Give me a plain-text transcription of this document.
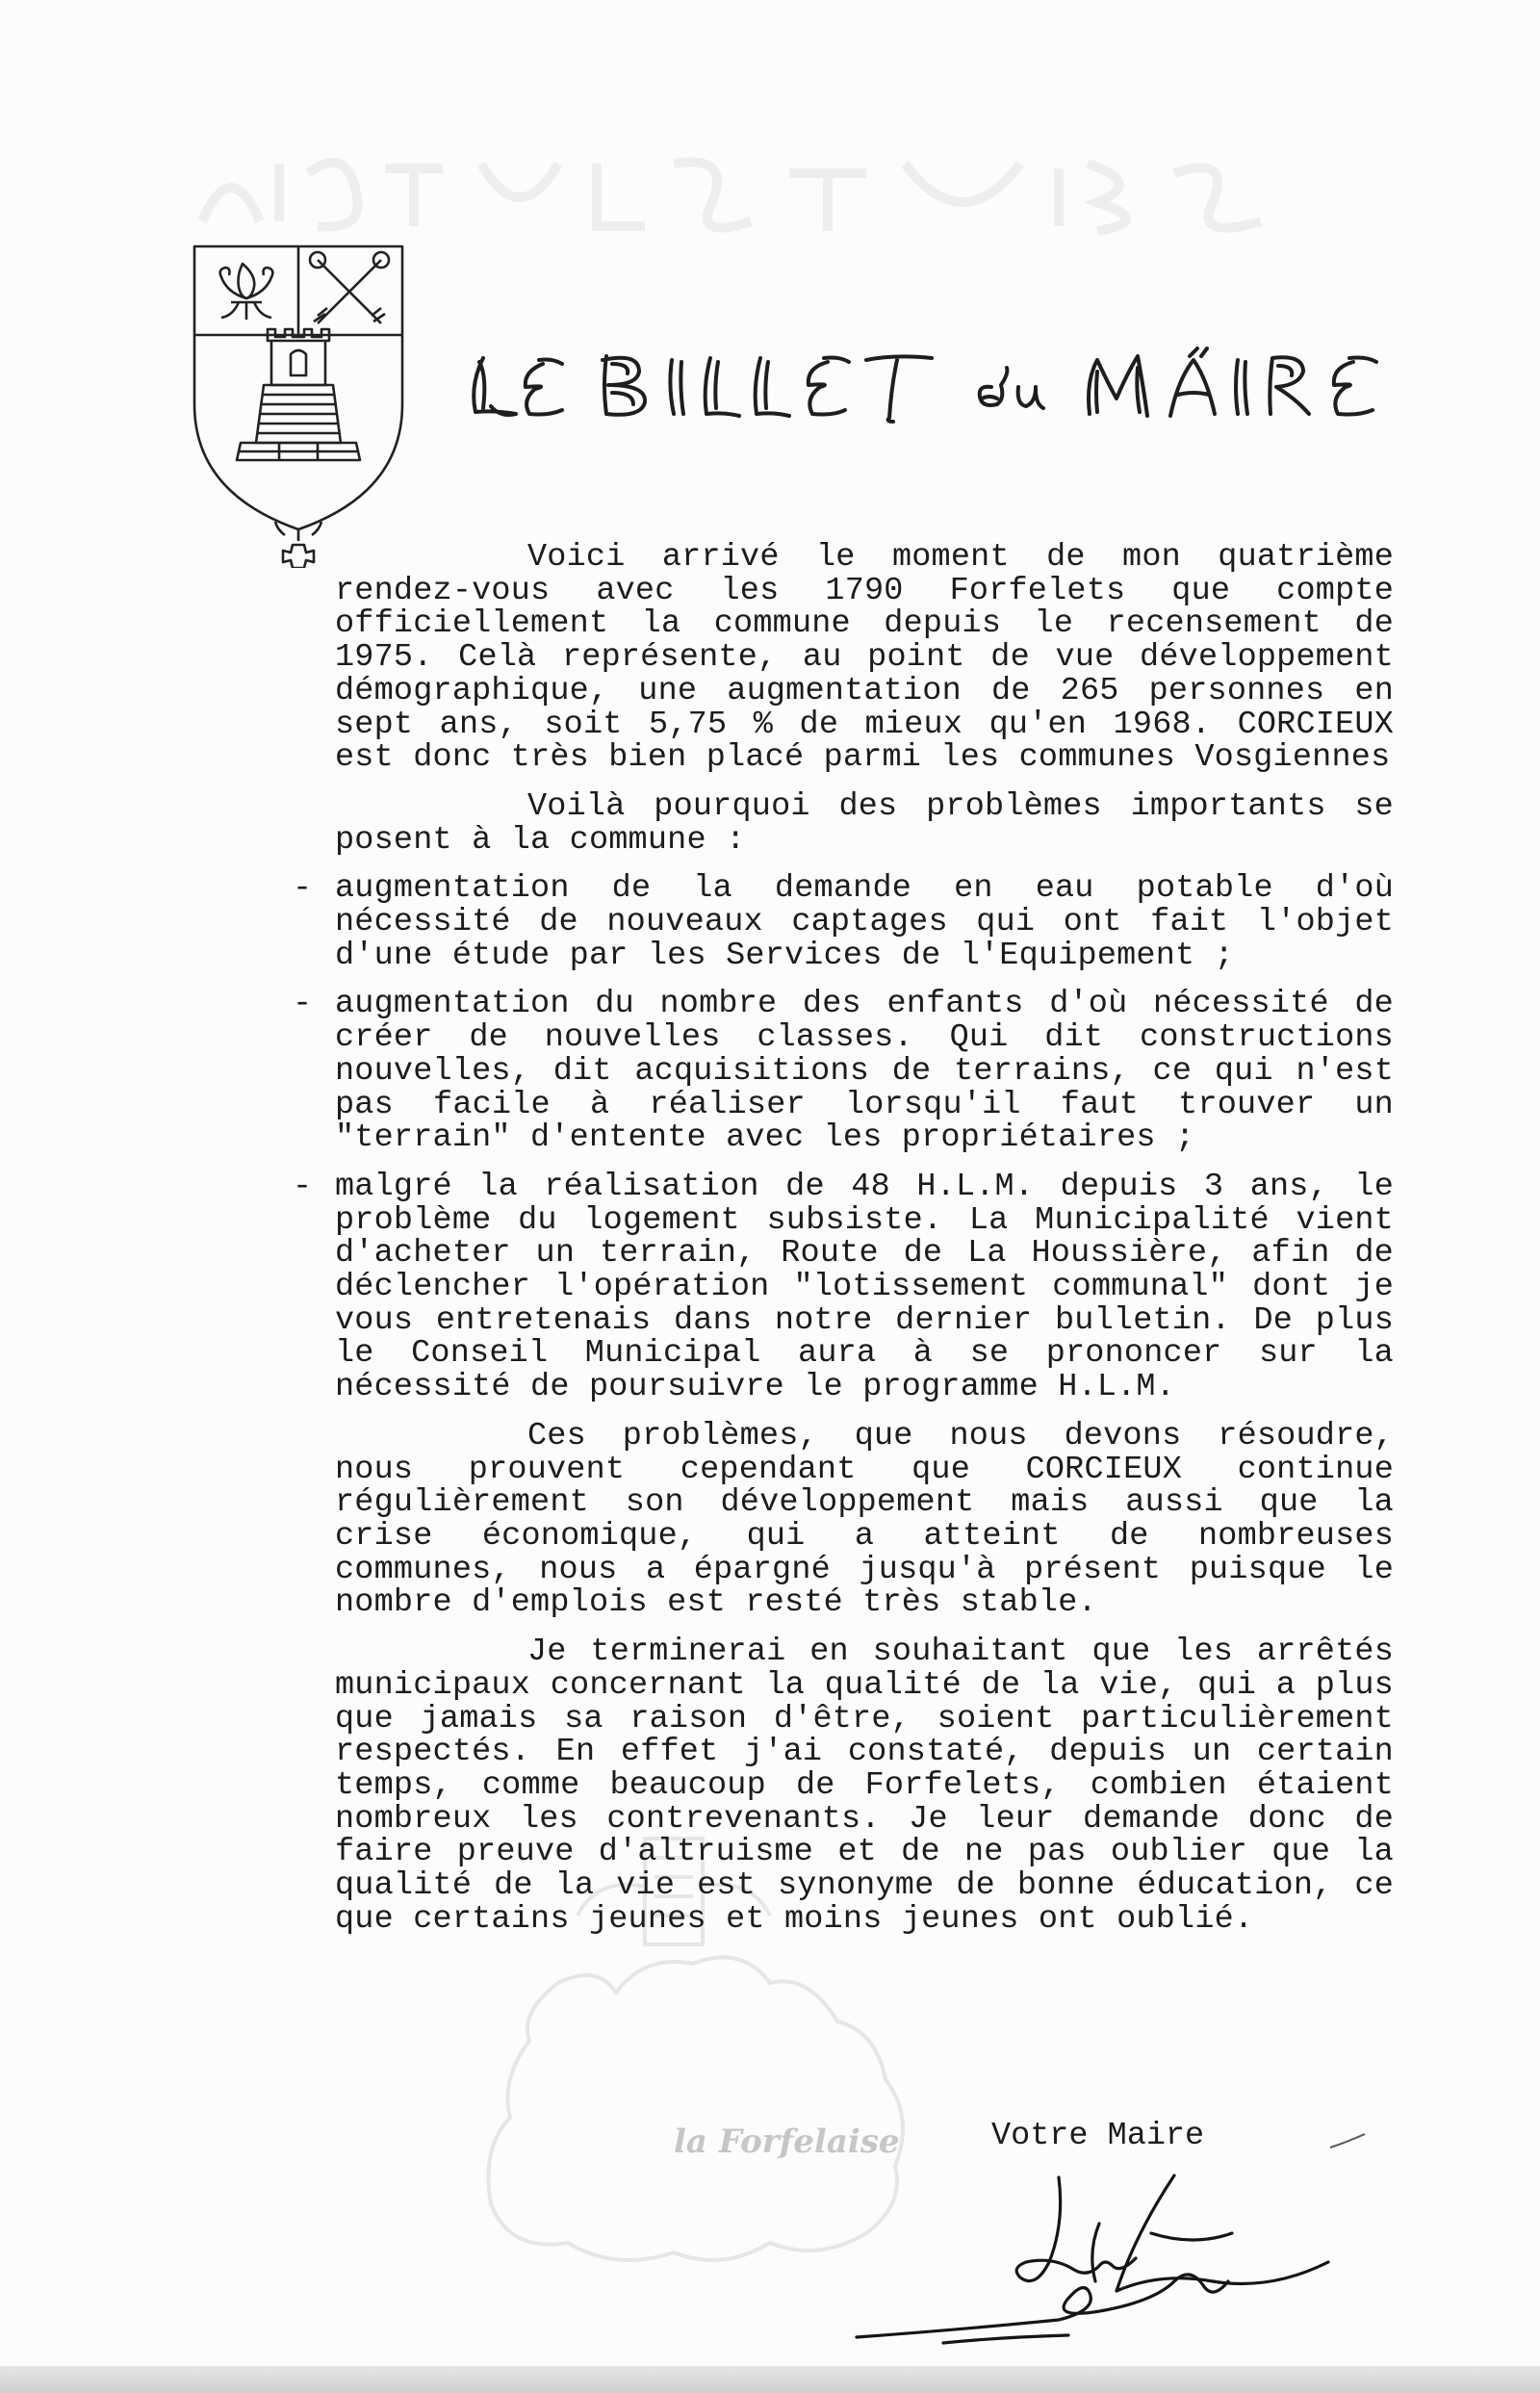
la Forfelaise

Voici arrivé le moment de mon quatrième rendez-vous avec les 1790 Forfelets que compte officiellement la commune depuis le recensement de 1975. Celà représente, au point de vue développement démographique, une augmentation de 265 personnes en sept ans, soit 5,75 % de mieux qu'en 1968. CORCIEUX est donc très bien placé parmi les communes Vosgiennes

Voilà pourquoi des problèmes importants se posent à la commune :

- augmentation de la demande en eau potable d'où nécessité de nouveaux captages qui ont fait l'objet d'une étude par les Services de l'Equipement ;

- augmentation du nombre des enfants d'où nécessité de créer de nouvelles classes. Qui dit constructions nouvelles, dit acquisitions de terrains, ce qui n'est pas facile à réaliser lorsqu'il faut trouver un "terrain" d'entente avec les propriétaires ;

- malgré la réalisation de 48 H.L.M. depuis 3 ans, le problème du logement subsiste. La Municipalité vient d'acheter un terrain, Route de La Houssière, afin de déclencher l'opération "lotissement communal" dont je vous entretenais dans notre dernier bulletin. De plus le Conseil Municipal aura à se prononcer sur la nécessité de poursuivre le programme H.L.M.

Ces problèmes, que nous devons résoudre, nous prouvent cependant que CORCIEUX continue régulièrement son développement mais aussi que la crise économique, qui a atteint de nombreuses communes, nous a épargné jusqu'à présent puisque le nombre d'emplois est resté très stable.

Je terminerai en souhaitant que les arrêtés municipaux concernant la qualité de la vie, qui a plus que jamais sa raison d'être, soient particulièrement respectés. En effet j'ai constaté, depuis un certain temps, comme beaucoup de Forfelets, combien étaient nombreux les contrevenants. Je leur demande donc de faire preuve d'altruisme et de ne pas oublier que la qualité de la vie est synonyme de bonne éducation, ce que certains jeunes et moins jeunes ont oublié.

Votre Maire
